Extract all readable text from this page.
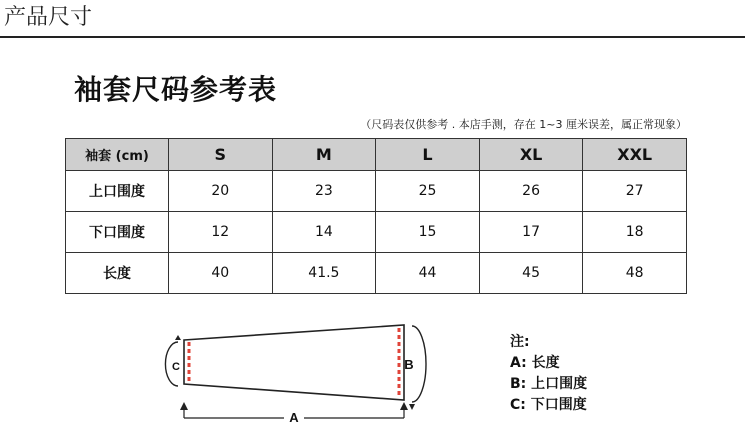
产品尺寸
袖套尺码参考表
（尺码表仅供参考 . 本店手测，存在 1~3 厘米误差，属正常现象）
袖套 (cm)	S	M	L	XL	XXL
上口围度	20	23	25	26	27
下口围度	12	14	15	17	18
长度	40	41.5	44	45	48
C	B
A
注:
A: 长度
B: 上口围度
C: 下口围度
